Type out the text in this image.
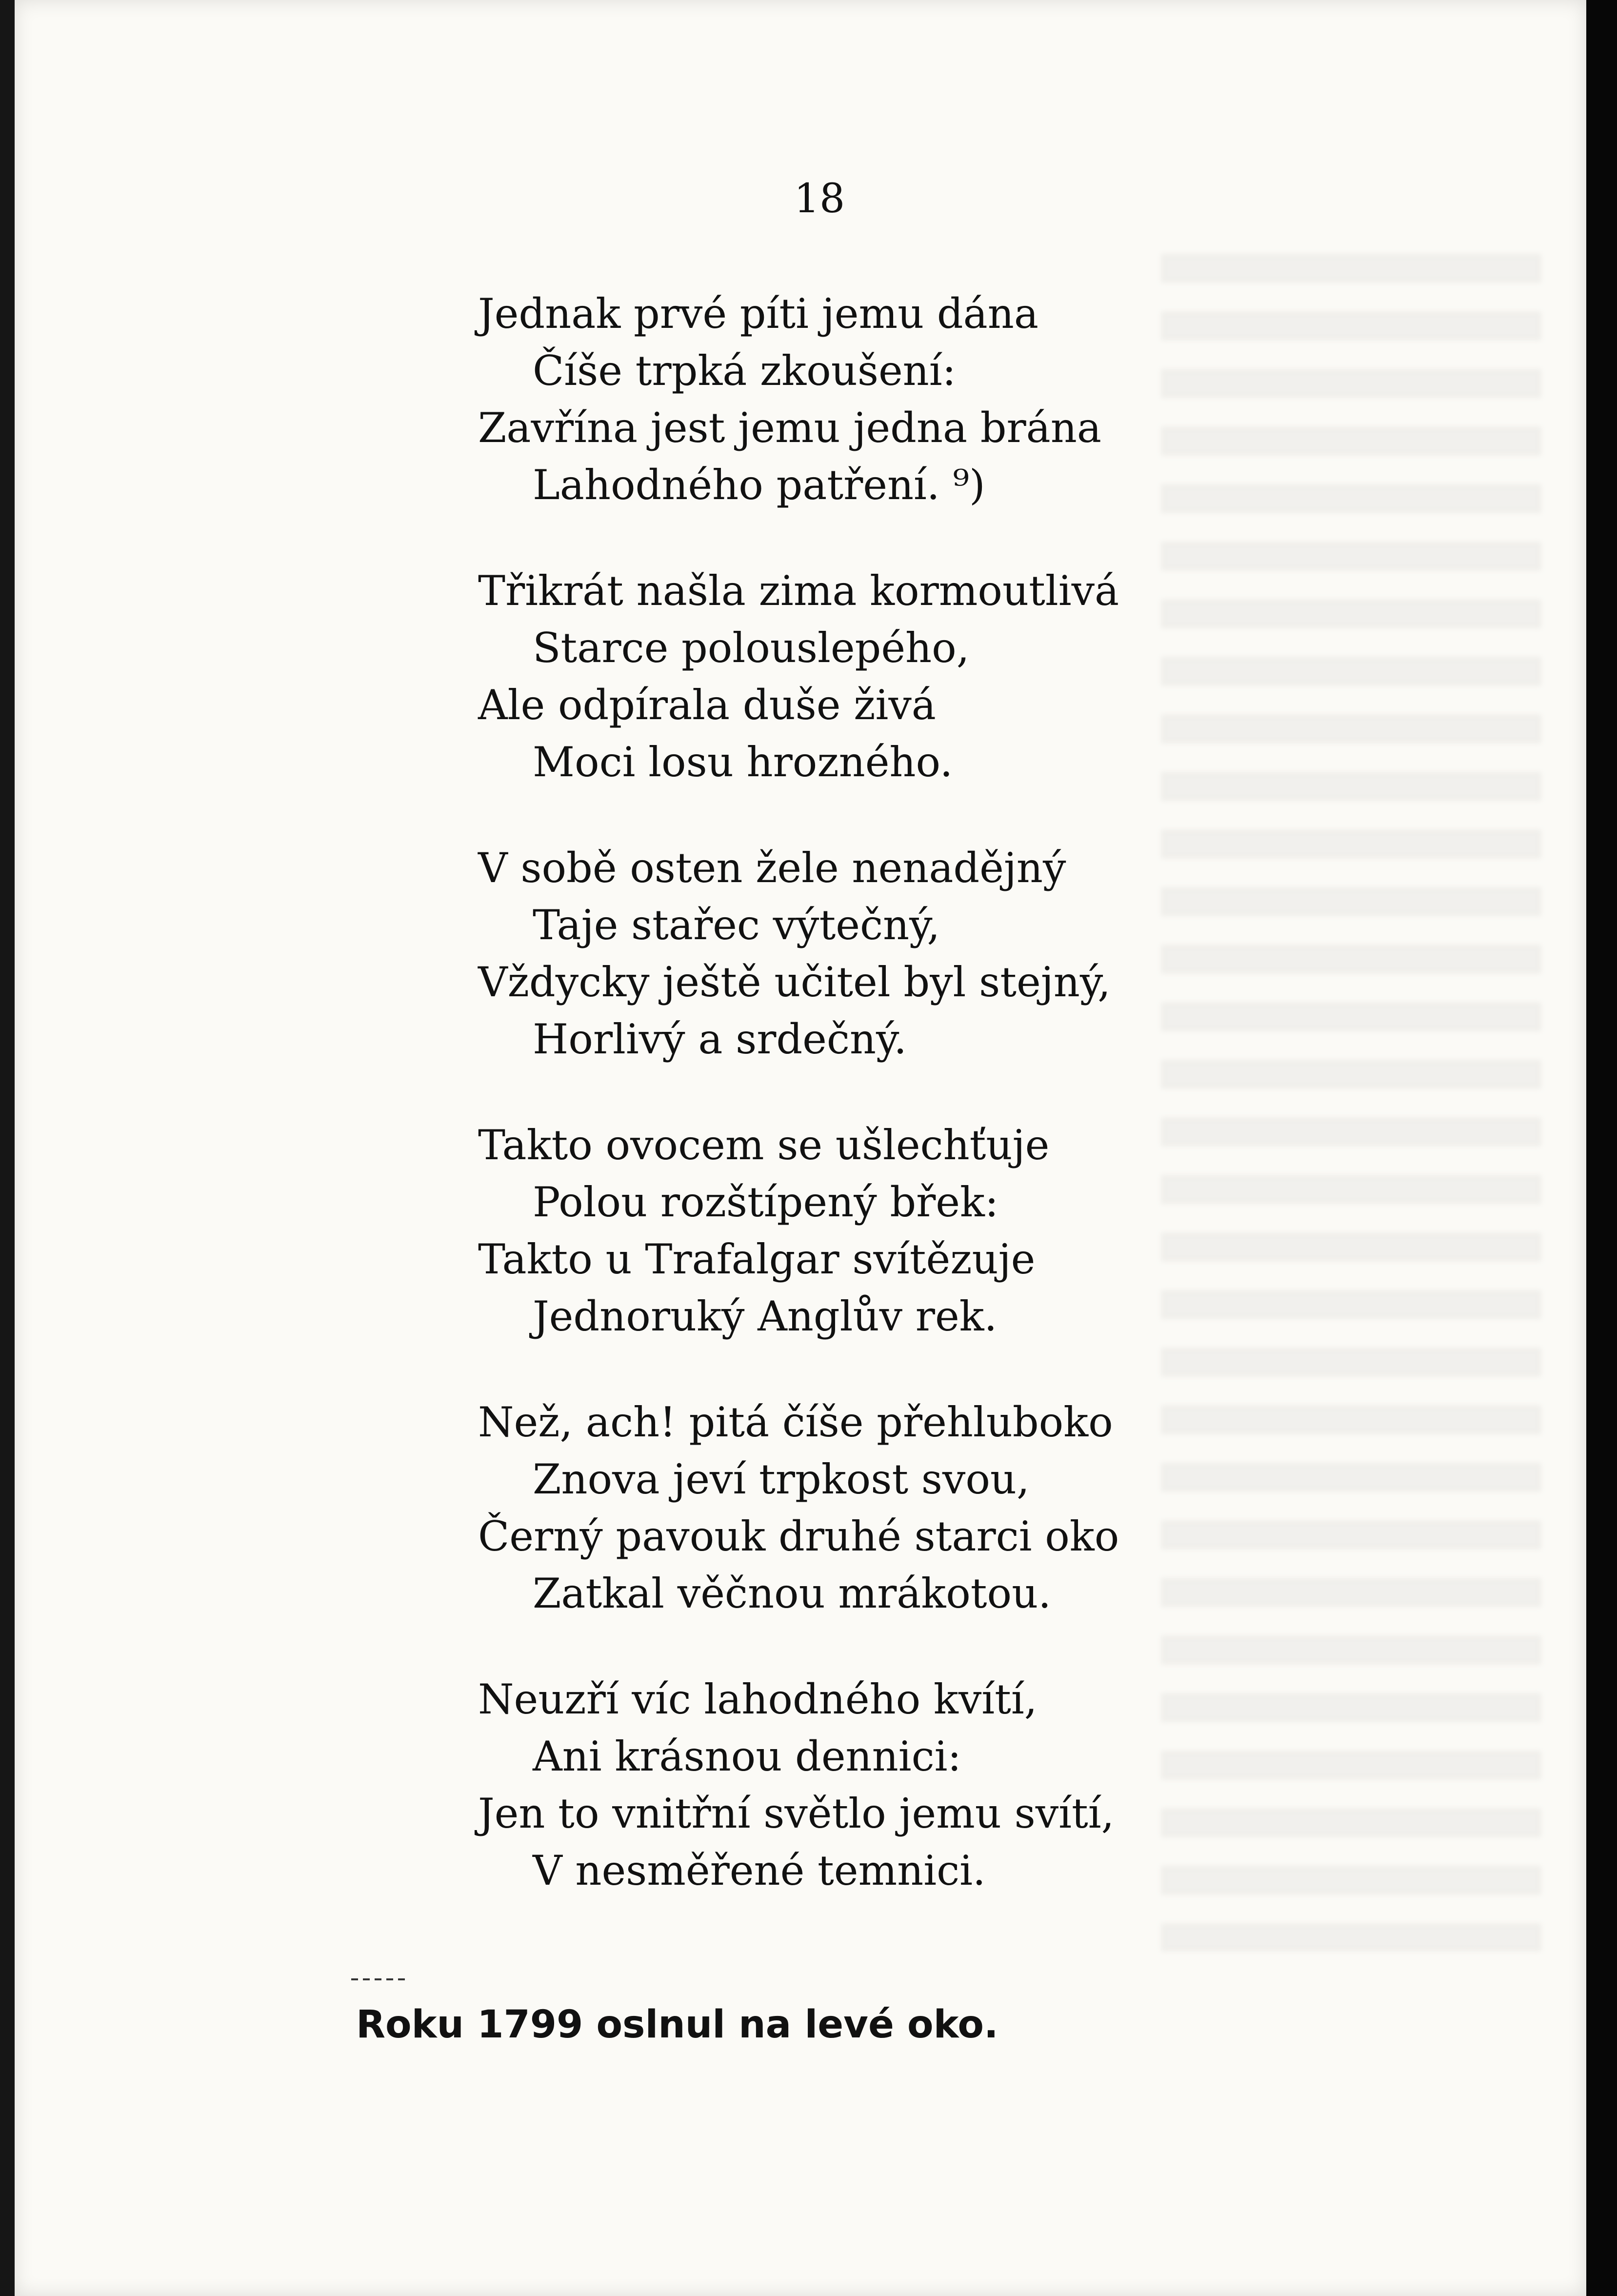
18
Jednak prvé píti jemu dána
Číše trpká zkoušení:
Zavřína jest jemu jedna brána
Lahodného patření. ⁹)
Třikrát našla zima kormoutlivá
Starce polouslepého,
Ale odpírala duše živá
Moci losu hrozného.
V sobě osten žele nenadějný
Taje stařec výtečný,
Vždycky ještě učitel byl stejný,
Horlivý a srdečný.
Takto ovocem se ušlechťuje
Polou rozštípený břek:
Takto u Trafalgar svítězuje
Jednoruký Anglův rek.
Než, ach! pitá číše přehluboko
Znova jeví trpkost svou,
Černý pavouk druhé starci oko
Zatkal věčnou mrákotou.
Neuzří víc lahodného kvítí,
Ani krásnou dennici:
Jen to vnitřní světlo jemu svítí,
V nesměřené temnici.
Roku 1799 oslnul na levé oko.
